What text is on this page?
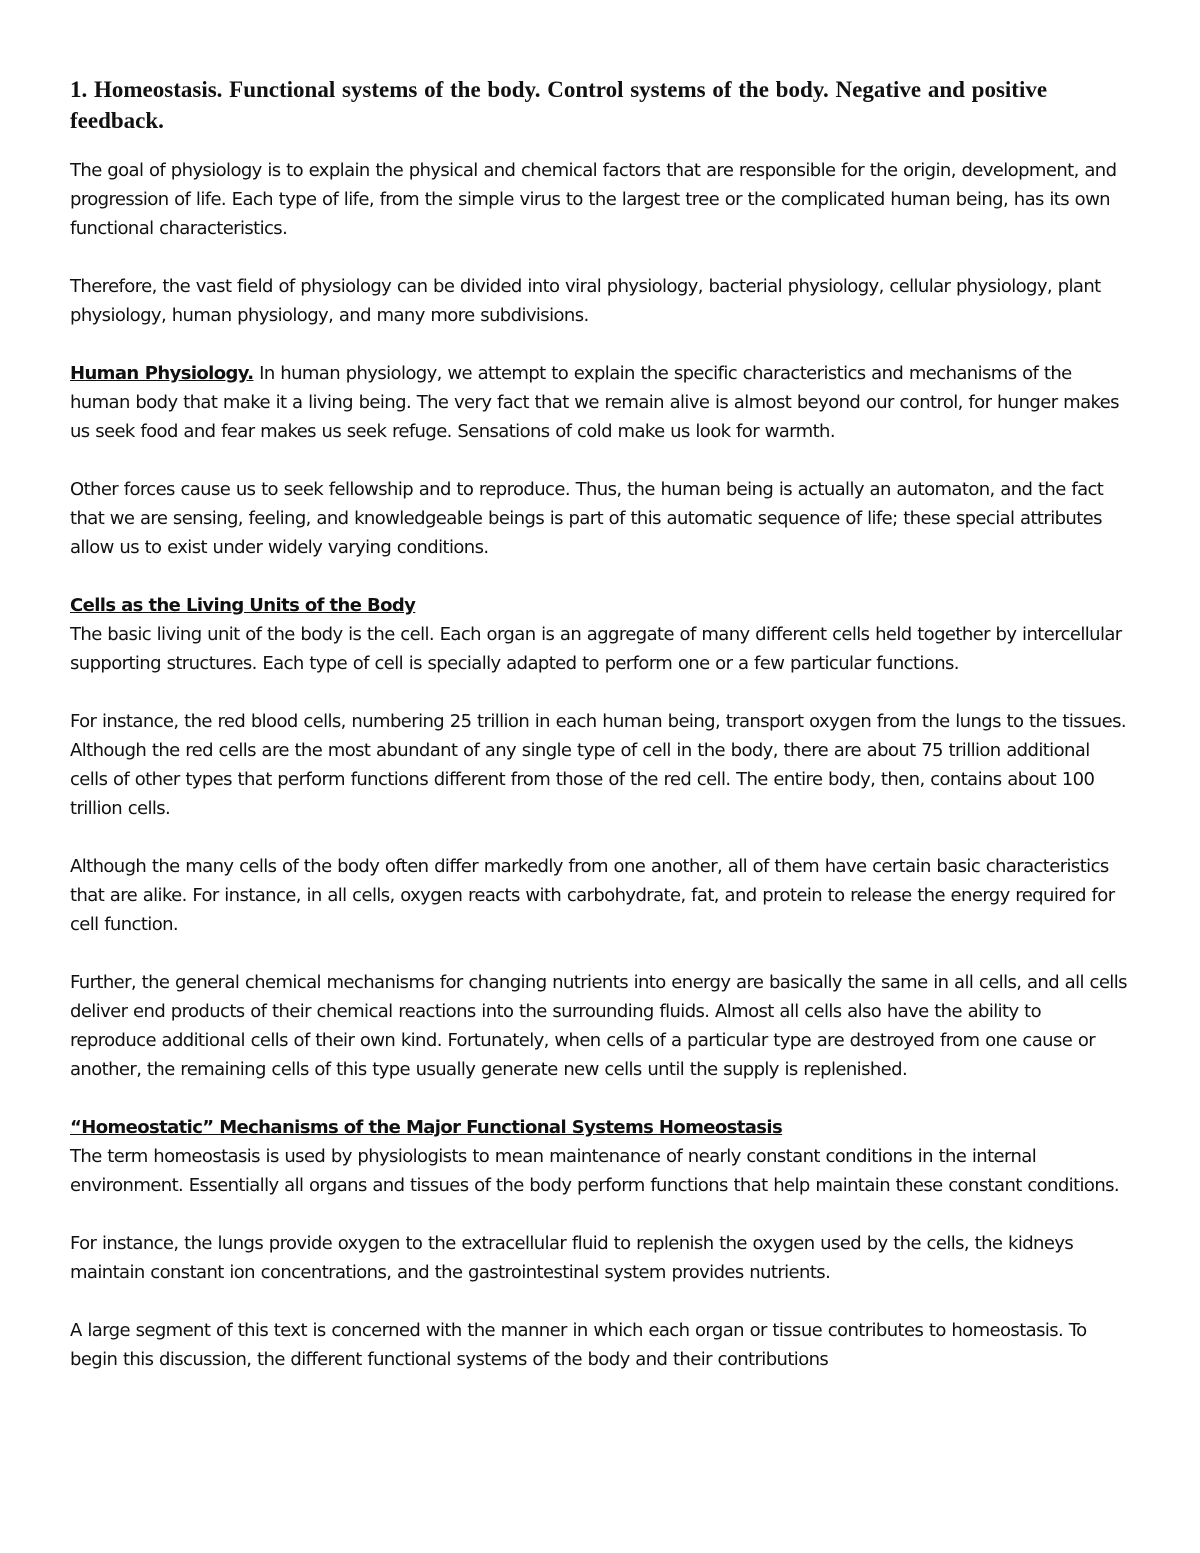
1. Homeostasis. Functional systems of the body. Control systems of the body. Negative and positive feedback.

The goal of physiology is to explain the physical and chemical factors that are responsible for the origin, development, and progression of life. Each type of life, from the simple virus to the largest tree or the complicated human being, has its own functional characteristics.

Therefore, the vast field of physiology can be divided into viral physiology, bacterial physiology, cellular physiology, plant physiology, human physiology, and many more subdivisions.

Human Physiology. In human physiology, we attempt to explain the specific characteristics and mechanisms of the human body that make it a living being. The very fact that we remain alive is almost beyond our control, for hunger makes us seek food and fear makes us seek refuge. Sensations of cold make us look for warmth.

Other forces cause us to seek fellowship and to reproduce. Thus, the human being is actually an automaton, and the fact that we are sensing, feeling, and knowledgeable beings is part of this automatic sequence of life; these special attributes allow us to exist under widely varying conditions.

Cells as the Living Units of the Body

The basic living unit of the body is the cell. Each organ is an aggregate of many different cells held together by intercellular supporting structures. Each type of cell is specially adapted to perform one or a few particular functions.

For instance, the red blood cells, numbering 25 trillion in each human being, transport oxygen from the lungs to the tissues. Although the red cells are the most abundant of any single type of cell in the body, there are about 75 trillion additional cells of other types that perform functions different from those of the red cell. The entire body, then, contains about 100 trillion cells.

Although the many cells of the body often differ markedly from one another, all of them have certain basic characteristics that are alike. For instance, in all cells, oxygen reacts with carbohydrate, fat, and protein to release the energy required for cell function.

Further, the general chemical mechanisms for changing nutrients into energy are basically the same in all cells, and all cells deliver end products of their chemical reactions into the surrounding fluids. Almost all cells also have the ability to reproduce additional cells of their own kind. Fortunately, when cells of a particular type are destroyed from one cause or another, the remaining cells of this type usually generate new cells until the supply is replenished.

“Homeostatic” Mechanisms of the Major Functional Systems Homeostasis

The term homeostasis is used by physiologists to mean maintenance of nearly constant conditions in the internal environment. Essentially all organs and tissues of the body perform functions that help maintain these constant conditions.

For instance, the lungs provide oxygen to the extracellular fluid to replenish the oxygen used by the cells, the kidneys maintain constant ion concentrations, and the gastrointestinal system provides nutrients.

A large segment of this text is concerned with the manner in which each organ or tissue contributes to homeostasis. To begin this discussion, the different functional systems of the body and their contributions
